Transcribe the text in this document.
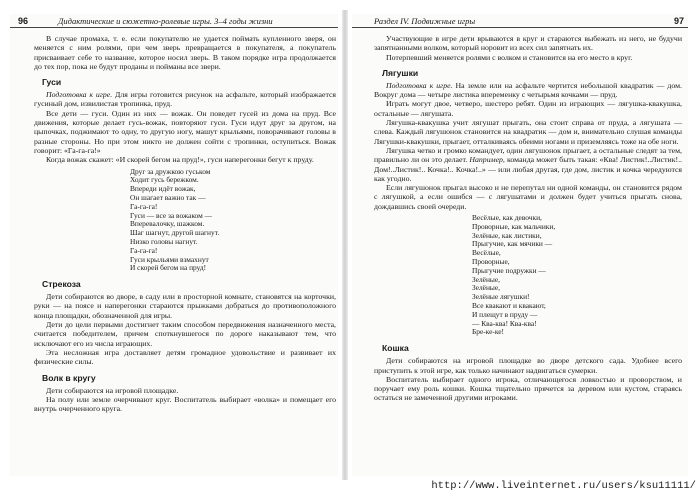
96	Дидактические и сюжетно-ролевые игры. 3–4 годы жизни

В случае промаха, т. е. если покупателю не удается поймать купленного зверя, он меняется с ним ролями, при чем зверь превращается в покупателя, а покупатель присваивает себе то название, которое носил зверь. В таком порядке игра продолжается до тех пор, пока не будут проданы и пойманы все звери.

Гуси

Подготовка к игре. Для игры готовится рисунок на асфальте, который изображается гусиный дом, извилистая тропинка, пруд.

Все дети — гуси. Один из них — вожак. Он поведет гусей из дома на пруд. Все движения, которые делает гусь-вожак, повторяют гуси. Гуси идут друг за другом, на цыпочках, поджимают то одну, то другую ногу, машут крыльями, поворачивают головы в разные стороны. Но при этом никто не должен сойти с тропинки, оступиться. Вожак говорит: «Га-га-га!»

Когда вожак скажет: «И скорей бегом на пруд!», гуси наперегонки бегут к пруду.

Друг за дружкою гуськом
Ходит гусь бережком.
Впереди идёт вожак,
Он шагает важно так —
Га-га-га!
Гуси — все за вожаком —
Вперевалочку, шажком.
Шаг шагнут, другой шагнут.
Низко головы нагнут.
Га-га-га!
Гуси крыльями взмахнут
И скорей бегом на пруд!
Стрекоза

Дети собираются во дворе, в саду или в просторной комнате, становятся на корточки, руки — на поясе и наперегонки стараются прыжками добраться до противоположного конца площадки, обозначенной для игры.

Дети до цели первыми достигнет таким способом передвижения назначенного места, считается победителем, причем споткнувшегося по дороге наказывают тем, что исключают его из числа играющих.

Эта несложная игра доставляет детям громадное удовольствие и развивает их физические силы.

Волк в кругу

Дети собираются на игровой площадке.

На полу или земле очерчивают круг. Воспитатель выбирает «волка» и помещает его внутрь очерченного круга.

Раздел IV. Подвижные игры	97

Участвующие в игре дети врываются в круг и стараются выбежать из него, не будучи запятнанными волком, который норовит из всех сил запятнать их.

Потерпевший меняется ролями с волком и становится на его место в круг.

Лягушки

Подготовка к игре. На земле или на асфальте чертится небольшой квадратик — дом. Вокруг дома — четыре листика впеременку с четырьмя кочками — пруд.

Играть могут двое, четверо, шестеро ребят. Один из играющих — лягушка-квакушка, остальные — лягушата.

Лягушка-квакушка учит лягушат прыгать, она стоит справа от пруда, а лягушата — слева. Каждый лягушонок становится на квадратик — дом и, внимательно слушая команды Лягушки-квакушки, прыгает, отталкиваясь обеими ногами и приземляясь тоже на обе ноги.

Лягушка четко и громко командует, один лягушонок прыгает, а остальные следят за тем, правильно ли он это делает. Например, команда может быть такая: «Ква! Листик!..Листик!.. Дом!..Листик!.. Кочка!.. Кочка!..» — или любая другая, где дом, листик и кочка чередуются как угодно.

Если лягушонок прыгал высоко и не перепутал ни одной команды, он становится рядом с лягушкой, а если ошибся — с лягушатами и должен будет учиться прыгать снова, дождавшись своей очереди.

Весёлые, как девочки,
Проворные, как мальчики,
Зелёные, как листики,
Прыгучие, как мячики —
Весёлые,
Проворные,
Прыгучие подружки —
Зелёные,
Зелёные,
Зелёные лягушки!
Все квакают и квакают,
И плещут в пруду —
— Ква-ква! Ква-ква!
Бре-ке-ке!
Кошка

Дети собираются на игровой площадке во дворе детского сада. Удобнее всего приступить к этой игре, как только начинают надвигаться сумерки.

Воспитатель выбирает одного игрока, отличающегося ловкостью и проворством, и поручает ему роль кошки. Кошка тщательно прячется за деревом или кустом, стараясь остаться не замеченной другими игроками.

http://www.liveinternet.ru/users/ksu11111/
